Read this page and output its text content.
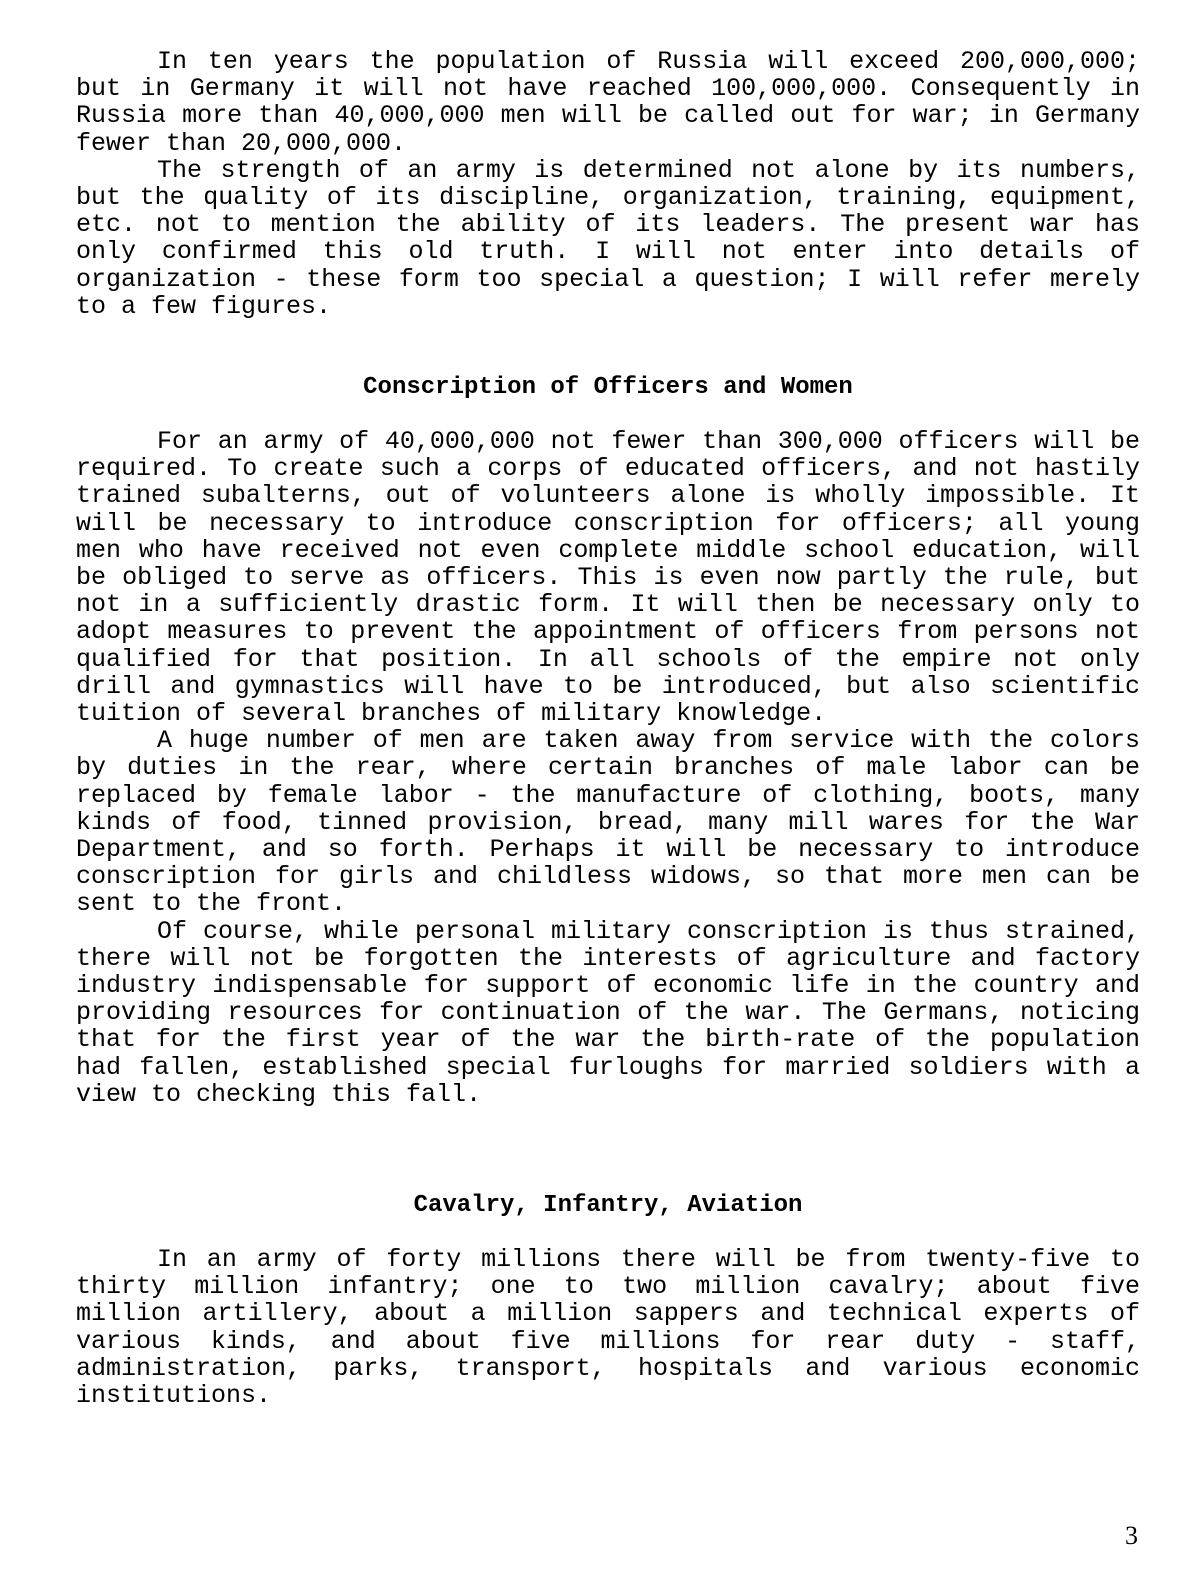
In ten years the population of Russia will exceed 200,000,000; but in Germany it will not have reached 100,000,000. Consequently in Russia more than 40,000,000 men will be called out for war; in Germany fewer than 20,000,000.

The strength of an army is determined not alone by its numbers, but the quality of its discipline, organization, training, equipment, etc. not to mention the ability of its leaders. The present war has only confirmed this old truth. I will not enter into details of organization - these form too special a question; I will refer merely to a few figures.

Conscription of Officers and Women

For an army of 40,000,000 not fewer than 300,000 officers will be required. To create such a corps of educated officers, and not hastily trained subalterns, out of volunteers alone is wholly impossible. It will be necessary to introduce conscription for officers; all young men who have received not even complete middle school education, will be obliged to serve as officers. This is even now partly the rule, but not in a sufficiently drastic form. It will then be necessary only to adopt measures to prevent the appointment of officers from persons not qualified for that position. In all schools of the empire not only drill and gymnastics will have to be introduced, but also scientific tuition of several branches of military knowledge.

A huge number of men are taken away from service with the colors by duties in the rear, where certain branches of male labor can be replaced by female labor - the manufacture of clothing, boots, many kinds of food, tinned provision, bread, many mill wares for the War Department, and so forth. Perhaps it will be necessary to introduce conscription for girls and childless widows, so that more men can be sent to the front.

Of course, while personal military conscription is thus strained, there will not be forgotten the interests of agriculture and factory industry indispensable for support of economic life in the country and providing resources for continuation of the war. The Germans, noticing that for the first year of the war the birth-rate of the population had fallen, established special furloughs for married soldiers with a view to checking this fall.

Cavalry, Infantry, Aviation

In an army of forty millions there will be from twenty-five to thirty million infantry; one to two million cavalry; about five million artillery, about a million sappers and technical experts of various kinds, and about five millions for rear duty - staff, administration, parks, transport, hospitals and various economic institutions.

3
